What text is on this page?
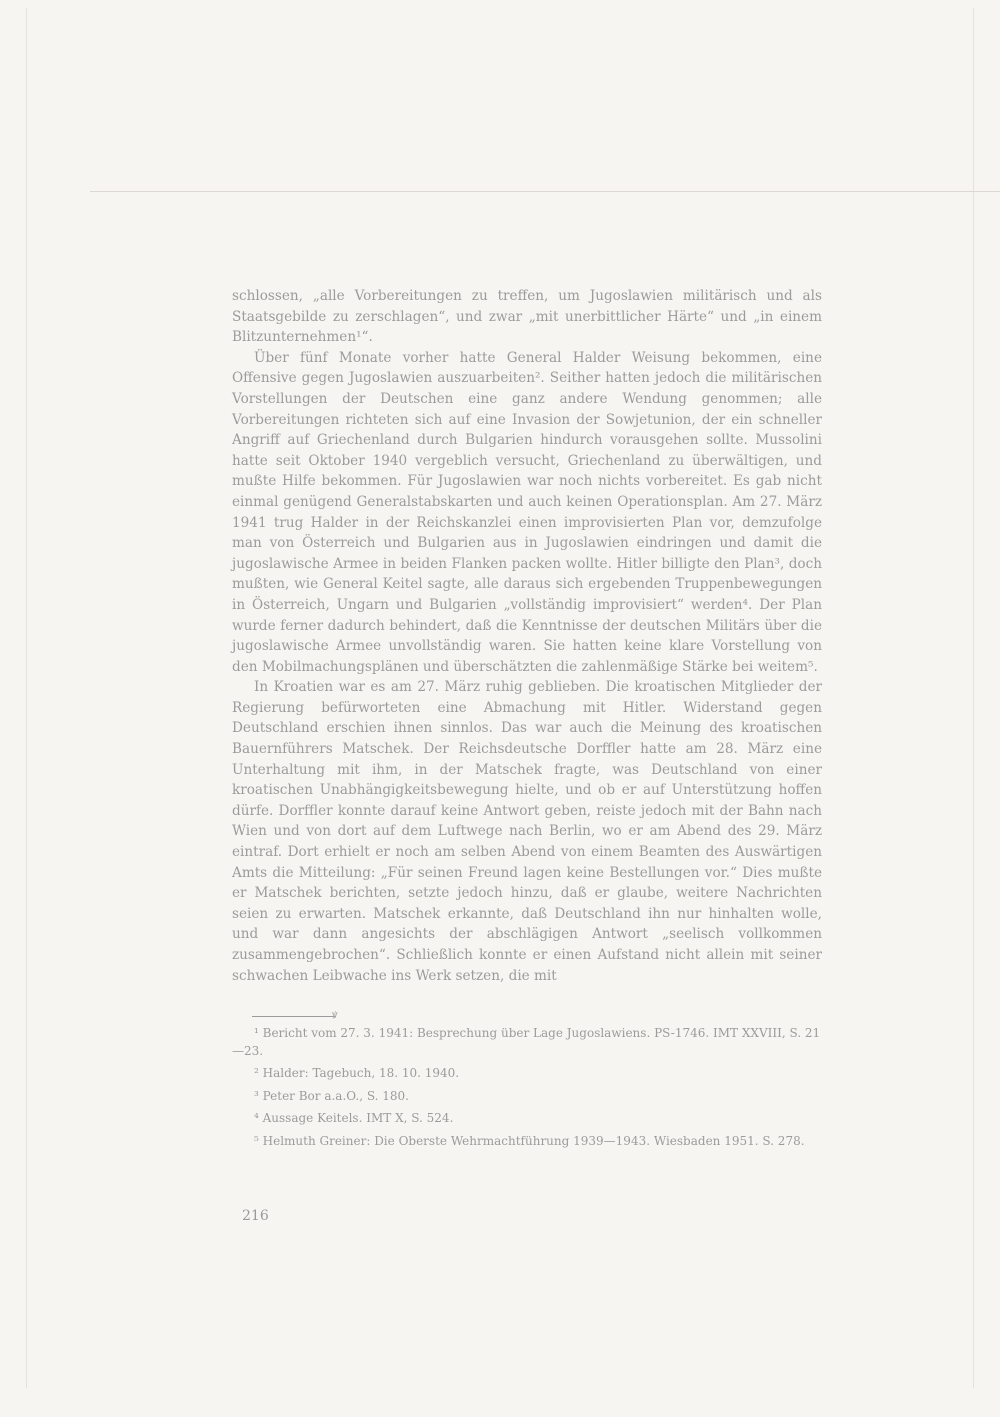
schlossen, „alle Vorbereitungen zu treffen, um Jugoslawien militärisch und als Staatsgebilde zu zerschlagen“, und zwar „mit unerbittlicher Härte“ und „in einem Blitzunternehmen¹“.

Über fünf Monate vorher hatte General Halder Weisung bekommen, eine Offensive gegen Jugoslawien auszuarbeiten². Seither hatten jedoch die militärischen Vorstellungen der Deutschen eine ganz andere Wendung genommen; alle Vorbereitungen richteten sich auf eine Invasion der Sowjetunion, der ein schneller Angriff auf Griechenland durch Bulgarien hindurch vorausgehen sollte. Mussolini hatte seit Oktober 1940 vergeblich versucht, Griechenland zu überwältigen, und mußte Hilfe bekommen. Für Jugoslawien war noch nichts vorbereitet. Es gab nicht einmal genügend Generalstabskarten und auch keinen Operationsplan. Am 27. März 1941 trug Halder in der Reichskanzlei einen improvisierten Plan vor, demzufolge man von Österreich und Bulgarien aus in Jugoslawien eindringen und damit die jugoslawische Armee in beiden Flanken packen wollte. Hitler billigte den Plan³, doch mußten, wie General Keitel sagte, alle daraus sich ergebenden Truppenbewegungen in Österreich, Ungarn und Bulgarien „vollständig improvisiert“ werden⁴. Der Plan wurde ferner dadurch behindert, daß die Kenntnisse der deutschen Militärs über die jugoslawische Armee unvollständig waren. Sie hatten keine klare Vorstellung von den Mobilmachungsplänen und überschätzten die zahlenmäßige Stärke bei weitem⁵.

In Kroatien war es am 27. März ruhig geblieben. Die kroatischen Mitglieder der Regierung befürworteten eine Abmachung mit Hitler. Widerstand gegen Deutschland erschien ihnen sinnlos. Das war auch die Meinung des kroatischen Bauernführers Matschek. Der Reichsdeutsche Dorffler hatte am 28. März eine Unterhaltung mit ihm, in der Matschek fragte, was Deutschland von einer kroatischen Unabhängigkeitsbewegung hielte, und ob er auf Unterstützung hoffen dürfe. Dorffler konnte darauf keine Antwort geben, reiste jedoch mit der Bahn nach Wien und von dort auf dem Luftwege nach Berlin, wo er am Abend des 29. März eintraf. Dort erhielt er noch am selben Abend von einem Beamten des Auswärtigen Amts die Mitteilung: „Für seinen Freund lagen keine Bestellungen vor.“ Dies mußte er Matschek berichten, setzte jedoch hinzu, daß er glaube, weitere Nachrichten seien zu erwarten. Matschek erkannte, daß Deutschland ihn nur hinhalten wolle, und war dann angesichts der abschlägigen Antwort „seelisch vollkommen zusammengebrochen“. Schließlich konnte er einen Aufstand nicht allein mit seiner schwachen Leibwache ins Werk setzen, die mit

ꝟ

¹ Bericht vom 27. 3. 1941: Besprechung über Lage Jugoslawiens. PS-1746. IMT XXVIII, S. 21—23.

² Halder: Tagebuch, 18. 10. 1940.

³ Peter Bor a.a.O., S. 180.

⁴ Aussage Keitels. IMT X, S. 524.

⁵ Helmuth Greiner: Die Oberste Wehrmachtführung 1939—1943. Wiesbaden 1951. S. 278.

216
